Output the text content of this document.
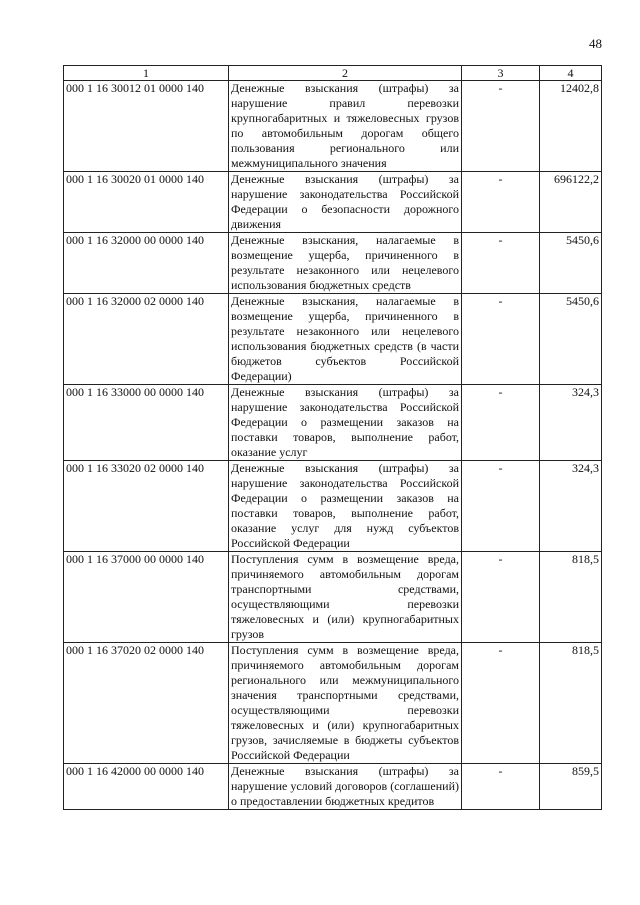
48
1	2	3	4
000 1 16 30012 01 0000 140	Денежные взыскания (штрафы) за нарушение правил перевозки крупногабаритных и тяжеловесных грузов по автомобильным дорогам общего пользования регионального или межмуниципального значения	-	12402,8
000 1 16 30020 01 0000 140	Денежные взыскания (штрафы) за нарушение законодательства Российской Федерации о безопасности дорожного движения	-	696122,2
000 1 16 32000 00 0000 140	Денежные взыскания, налагаемые в возмещение ущерба, причиненного в результате незаконного или нецелевого использования бюджетных средств	-	5450,6
000 1 16 32000 02 0000 140	Денежные взыскания, налагаемые в возмещение ущерба, причиненного в результате незаконного или нецелевого использования бюджетных средств (в части бюджетов субъектов Российской Федерации)	-	5450,6
000 1 16 33000 00 0000 140	Денежные взыскания (штрафы) за нарушение законодательства Российской Федерации о размещении заказов на поставки товаров, выполнение работ, оказание услуг	-	324,3
000 1 16 33020 02 0000 140	Денежные взыскания (штрафы) за нарушение законодательства Российской Федерации о размещении заказов на поставки товаров, выполнение работ, оказание услуг для нужд субъектов Российской Федерации	-	324,3
000 1 16 37000 00 0000 140	Поступления сумм в возмещение вреда, причиняемого автомобильным дорогам транспортными средствами, осуществляющими перевозки тяжеловесных и (или) крупногабаритных грузов	-	818,5
000 1 16 37020 02 0000 140	Поступления сумм в возмещение вреда, причиняемого автомобильным дорогам регионального или межмуниципального значения транспортными средствами, осуществляющими перевозки тяжеловесных и (или) крупногабаритных грузов, зачисляемые в бюджеты субъектов Российской Федерации	-	818,5
000 1 16 42000 00 0000 140	Денежные взыскания (штрафы) за нарушение условий договоров (соглашений) о предоставлении бюджетных кредитов	-	859,5
